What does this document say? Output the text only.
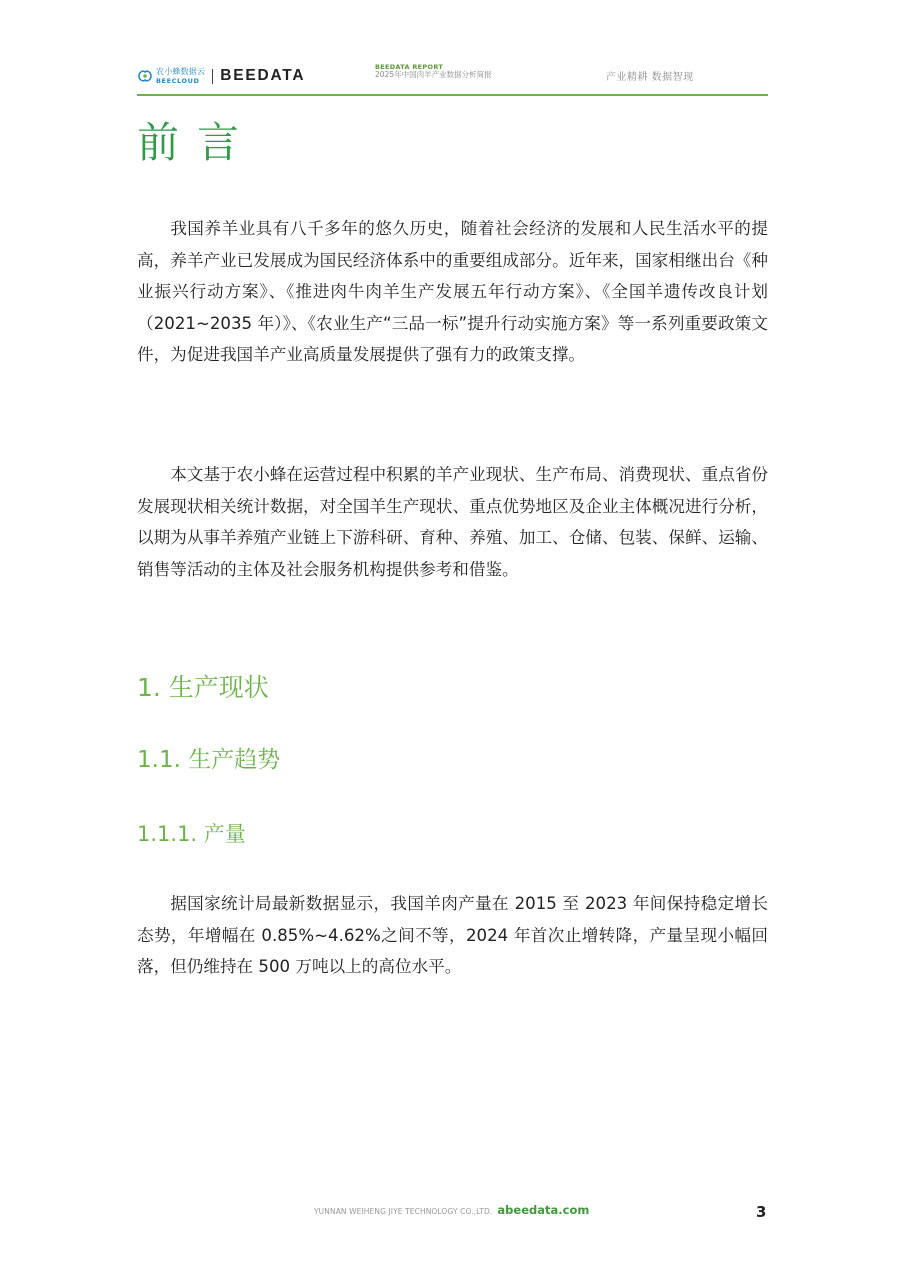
农小蜂数据云
BEECLOUD	BEEDATA	BEEDATA REPORT
2025年中国肉羊产业数据分析简报	产业精耕 数据智现
前言

我国养羊业具有八千多年的悠久历史，随着社会经济的发展和人民生活水平的提高，养羊产业已发展成为国民经济体系中的重要组成部分。近年来，国家相继出台《种业振兴行动方案》、《推进肉牛肉羊生产发展五年行动方案》、《全国羊遗传改良计划（2021~2035 年）》、《农业生产“三品一标”提升行动实施方案》等一系列重要政策文件，为促进我国羊产业高质量发展提供了强有力的政策支撑。

本文基于农小蜂在运营过程中积累的羊产业现状、生产布局、消费现状、重点省份发展现状相关统计数据，对全国羊生产现状、重点优势地区及企业主体概况进行分析，以期为从事羊养殖产业链上下游科研、育种、养殖、加工、仓储、包装、保鲜、运输、销售等活动的主体及社会服务机构提供参考和借鉴。

1. 生产现状
1.1. 生产趋势
1.1.1. 产量

据国家统计局最新数据显示，我国羊肉产量在 2015 至 2023 年间保持稳定增长态势，年增幅在 0.85%~4.62%之间不等，2024 年首次止增转降，产量呈现小幅回落，但仍维持在 500 万吨以上的高位水平。

YUNNAN WEIHENG JIYE TECHNOLOGY CO.,LTD. abeedata.com	3
